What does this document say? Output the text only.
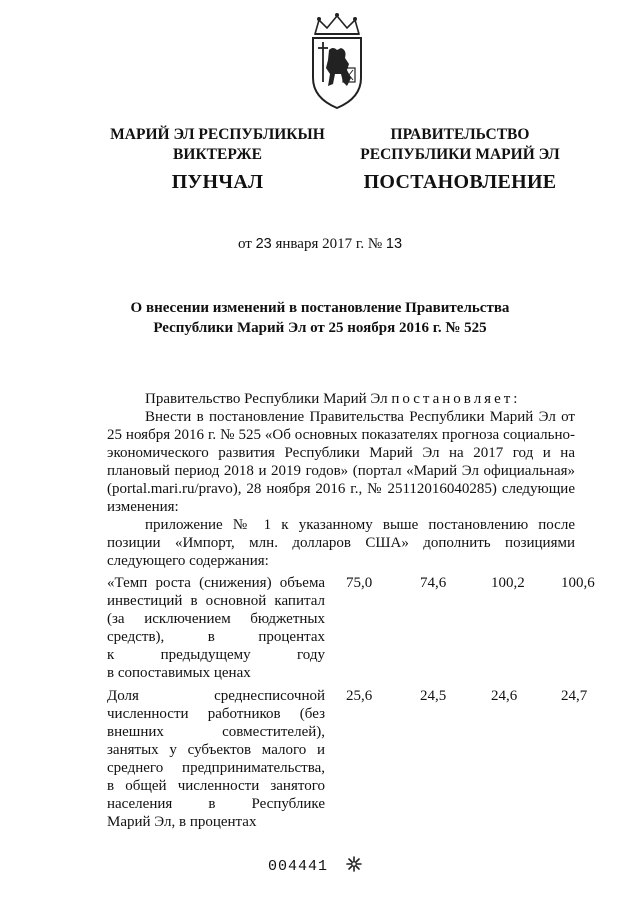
МАРИЙ ЭЛ РЕСПУБЛИКЫН
ВИКТЕРЖЕ
ПУНЧАЛ
ПРАВИТЕЛЬСТВО
РЕСПУБЛИКИ МАРИЙ ЭЛ
ПОСТАНОВЛЕНИЕ
от 23 января 2017 г. № 13
О внесении изменений в постановление Правительства
Республики Марий Эл от 25 ноября 2016 г. № 525

Правительство Республики Марий Эл постановляет:

Внести в постановление Правительства Республики Марий Эл от 25 ноября 2016 г. № 525 «Об основных показателях прогноза социально-экономического развития Республики Марий Эл на 2017 год и на плановый период 2018 и 2019 годов» (портал «Марий Эл официальная» (portal.mari.ru/pravo), 28 ноября 2016 г., № 25112016040285) следующие изменения:

приложение № 1 к указанному выше постановлению после позиции «Импорт, млн. долларов США» дополнить позициями следующего содержания:

«Темп роста (снижения) объема
инвестиций в основной капитал
(за исключением бюджетных
средств), в процентах
к предыдущему году
в сопоставимых ценах
75,0	74,6	100,2	100,6
Доля среднесписочной
численности работников (без
внешних совместителей),
занятых у субъектов малого и
среднего предпринимательства,
в общей численности занятого
населения в Республике
Марий Эл, в процентах
25,6	24,5	24,6	24,7
004441
